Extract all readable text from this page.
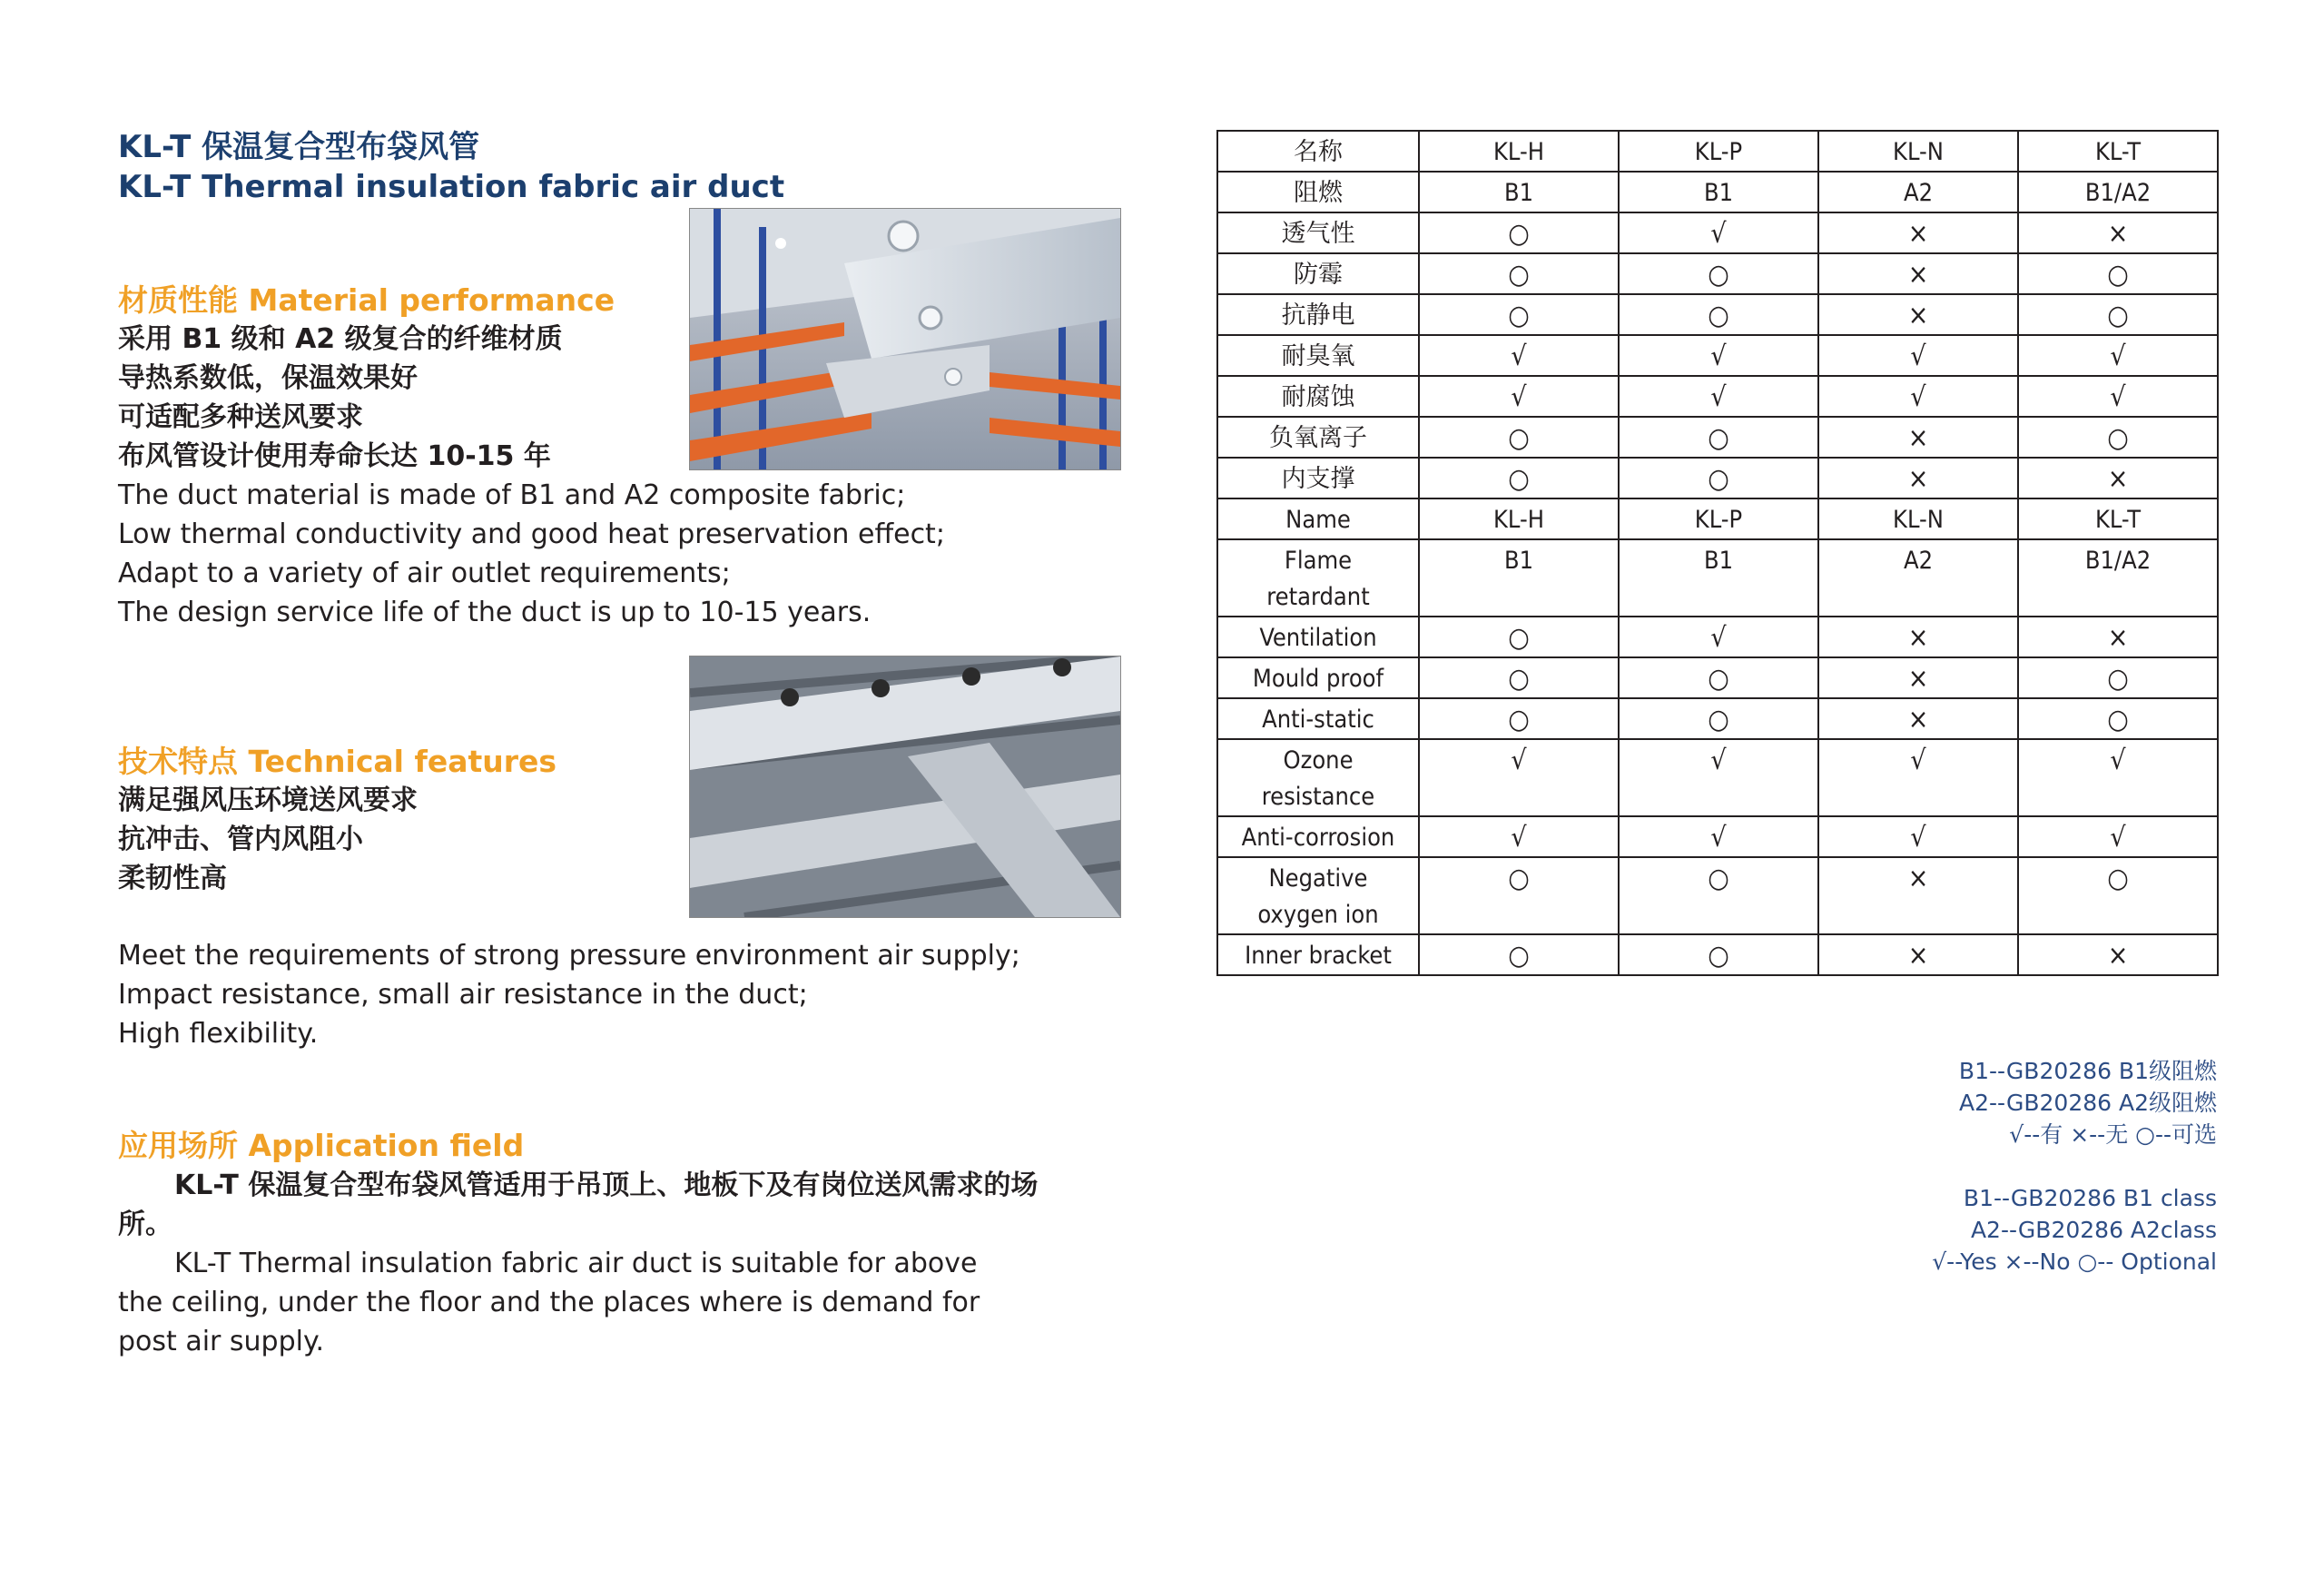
KL-T 保温复合型布袋风管
KL-T Thermal insulation fabric air duct
材质性能 Material performance
采用 B1 级和 A2 级复合的纤维材质
导热系数低，保温效果好
可适配多种送风要求
布风管设计使用寿命长达 10-15 年
The duct material is made of B1 and A2 composite fabric;
Low thermal conductivity and good heat preservation effect;
Adapt to a variety of air outlet requirements;
The design service life of the duct is up to 10-15 years.
技术特点 Technical features
满足强风压环境送风要求
抗冲击、管内风阻小
柔韧性高
Meet the requirements of strong pressure environment air supply;
Impact resistance, small air resistance in the duct;
High flexibility.
应用场所 Application field
KL-T 保温复合型布袋风管适用于吊顶上、地板下及有岗位送风需求的场
所。
KL-T Thermal insulation fabric air duct is suitable for above
the ceiling, under the floor and the places where is demand for
post air supply.
名称	KL-H	KL-P	KL-N	KL-T
阻燃	B1	B1	A2	B1/A2
透气性	○	√	×	×
防霉	○	○	×	○
抗静电	○	○	×	○
耐臭氧	√	√	√	√
耐腐蚀	√	√	√	√
负氧离子	○	○	×	○
内支撑	○	○	×	×
Name	KL-H	KL-P	KL-N	KL-T
Flame
retardant	B1	B1	A2	B1/A2
Ventilation	○	√	×	×
Mould proof	○	○	×	○
Anti-static	○	○	×	○
Ozone
resistance	√	√	√	√
Anti-corrosion	√	√	√	√
Negative
oxygen ion	○	○	×	○
Inner bracket	○	○	×	×
B1--GB20286 B1级阻燃
A2--GB20286 A2级阻燃
√--有 ×--无 ○--可选
B1--GB20286 B1 class
A2--GB20286 A2class
√--Yes ×--No ○-- Optional
